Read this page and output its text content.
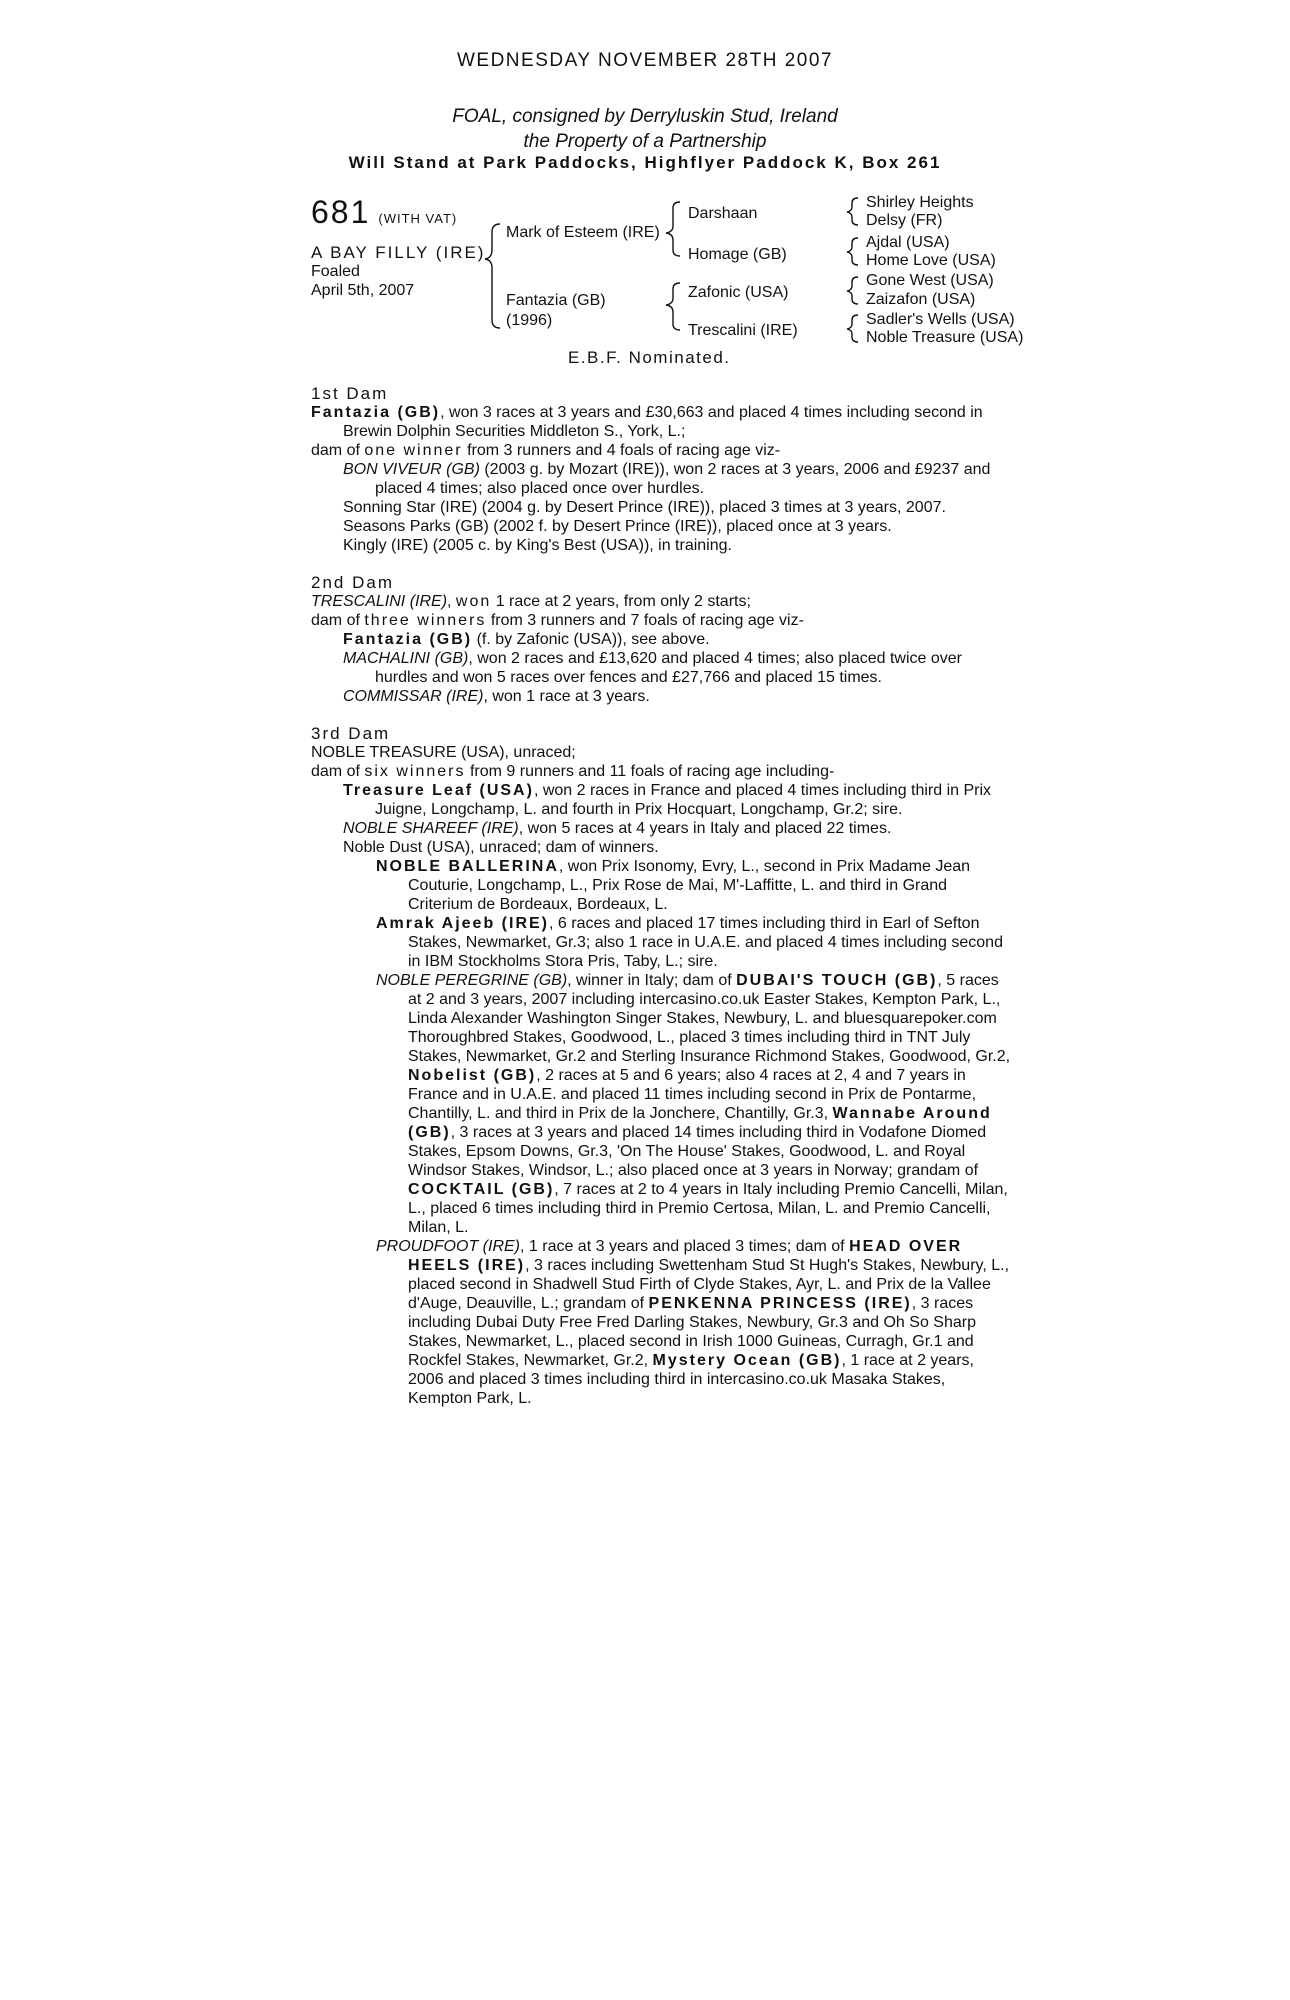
WEDNESDAY NOVEMBER 28TH 2007
FOAL, consigned by Derryluskin Stud, Ireland
the Property of a Partnership
Will Stand at Park Paddocks, Highflyer Paddock K, Box 261
681 (WITH VAT)
A BAY FILLY (IRE)
Foaled
April 5th, 2007
Mark of Esteem (IRE)
Fantazia (GB)
(1996)
Darshaan
Homage (GB)
Zafonic (USA)
Trescalini (IRE)
Shirley Heights
Delsy (FR)
Ajdal (USA)
Home Love (USA)
Gone West (USA)
Zaizafon (USA)
Sadler's Wells (USA)
Noble Treasure (USA)
E.B.F. Nominated.
1st Dam

Fantazia (GB), won 3 races at 3 years and £30,663 and placed 4 times including second in Brewin Dolphin Securities Middleton S., York, L.;

dam of one winner from 3 runners and 4 foals of racing age viz-

BON VIVEUR (GB) (2003 g. by Mozart (IRE)), won 2 races at 3 years, 2006 and £9237 and placed 4 times; also placed once over hurdles.

Sonning Star (IRE) (2004 g. by Desert Prince (IRE)), placed 3 times at 3 years, 2007.

Seasons Parks (GB) (2002 f. by Desert Prince (IRE)), placed once at 3 years.

Kingly (IRE) (2005 c. by King's Best (USA)), in training.

2nd Dam

TRESCALINI (IRE), won 1 race at 2 years, from only 2 starts;

dam of three winners from 3 runners and 7 foals of racing age viz-

Fantazia (GB) (f. by Zafonic (USA)), see above.

MACHALINI (GB), won 2 races and £13,620 and placed 4 times; also placed twice over hurdles and won 5 races over fences and £27,766 and placed 15 times.

COMMISSAR (IRE), won 1 race at 3 years.

3rd Dam

NOBLE TREASURE (USA), unraced;

dam of six winners from 9 runners and 11 foals of racing age including-

Treasure Leaf (USA), won 2 races in France and placed 4 times including third in Prix Juigne, Longchamp, L. and fourth in Prix Hocquart, Longchamp, Gr.2; sire.

NOBLE SHAREEF (IRE), won 5 races at 4 years in Italy and placed 22 times.

Noble Dust (USA), unraced; dam of winners.

NOBLE BALLERINA, won Prix Isonomy, Evry, L., second in Prix Madame Jean Couturie, Longchamp, L., Prix Rose de Mai, M'-Laffitte, L. and third in Grand Criterium de Bordeaux, Bordeaux, L.

Amrak Ajeeb (IRE), 6 races and placed 17 times including third in Earl of Sefton Stakes, Newmarket, Gr.3; also 1 race in U.A.E. and placed 4 times including second in IBM Stockholms Stora Pris, Taby, L.; sire.

NOBLE PEREGRINE (GB), winner in Italy; dam of DUBAI'S TOUCH (GB), 5 races at 2 and 3 years, 2007 including intercasino.co.uk Easter Stakes, Kempton Park, L., Linda Alexander Washington Singer Stakes, Newbury, L. and bluesquarepoker.com Thoroughbred Stakes, Goodwood, L., placed 3 times including third in TNT July Stakes, Newmarket, Gr.2 and Sterling Insurance Richmond Stakes, Goodwood, Gr.2, Nobelist (GB), 2 races at 5 and 6 years; also 4 races at 2, 4 and 7 years in France and in U.A.E. and placed 11 times including second in Prix de Pontarme, Chantilly, L. and third in Prix de la Jonchere, Chantilly, Gr.3, Wannabe Around (GB), 3 races at 3 years and placed 14 times including third in Vodafone Diomed Stakes, Epsom Downs, Gr.3, 'On The House' Stakes, Goodwood, L. and Royal Windsor Stakes, Windsor, L.; also placed once at 3 years in Norway; grandam of COCKTAIL (GB), 7 races at 2 to 4 years in Italy including Premio Cancelli, Milan, L., placed 6 times including third in Premio Certosa, Milan, L. and Premio Cancelli, Milan, L.

PROUDFOOT (IRE), 1 race at 3 years and placed 3 times; dam of HEAD OVER HEELS (IRE), 3 races including Swettenham Stud St Hugh's Stakes, Newbury, L., placed second in Shadwell Stud Firth of Clyde Stakes, Ayr, L. and Prix de la Vallee d'Auge, Deauville, L.; grandam of PENKENNA PRINCESS (IRE), 3 races including Dubai Duty Free Fred Darling Stakes, Newbury, Gr.3 and Oh So Sharp Stakes, Newmarket, L., placed second in Irish 1000 Guineas, Curragh, Gr.1 and Rockfel Stakes, Newmarket, Gr.2, Mystery Ocean (GB), 1 race at 2 years, 2006 and placed 3 times including third in intercasino.co.uk Masaka Stakes, Kempton Park, L.
